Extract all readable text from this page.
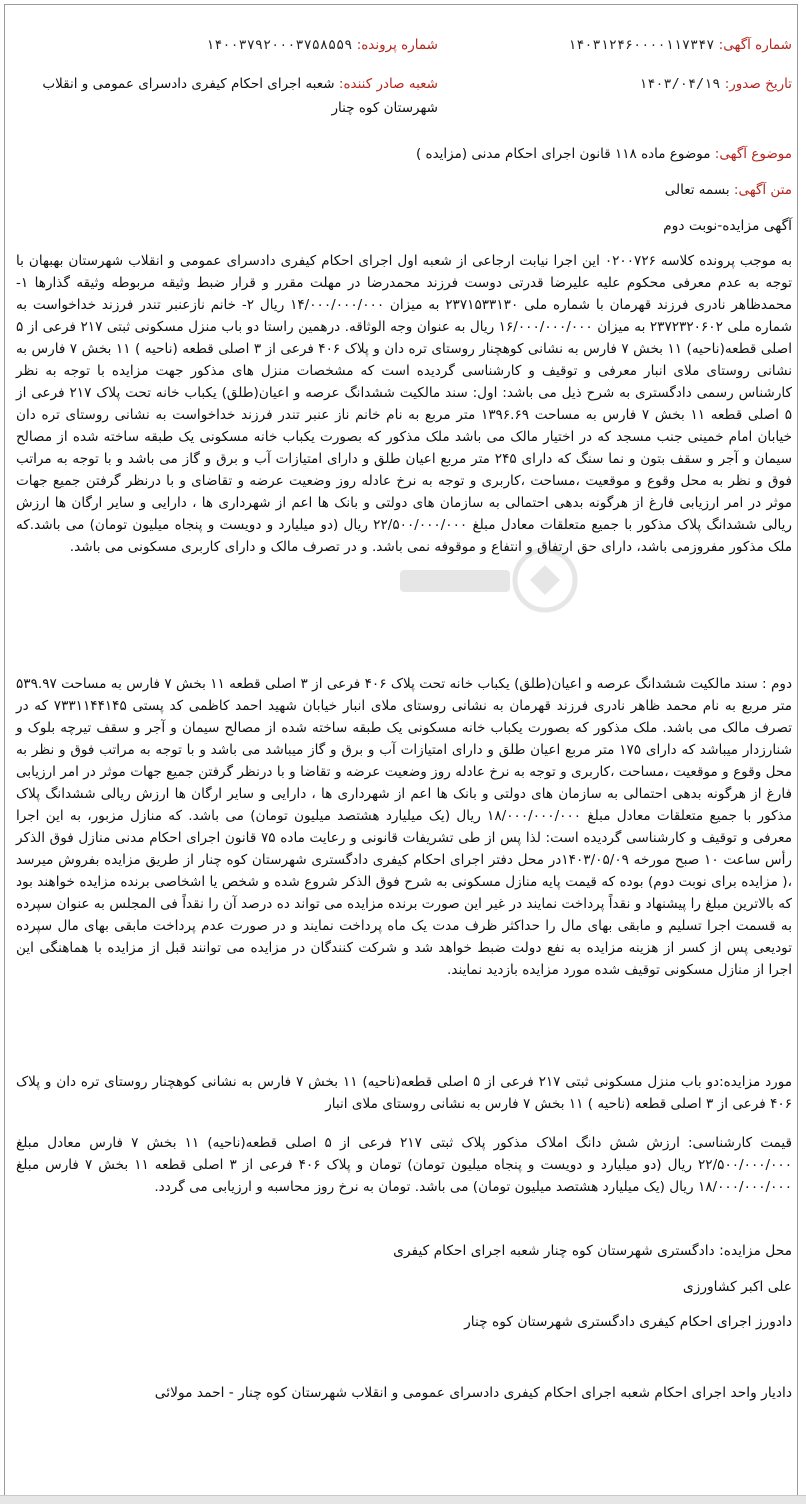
شماره آگهی: ۱۴۰۳۱۲۴۶۰۰۰۰۱۱۷۳۴۷
شماره پرونده: ۱۴۰۰۳۷۹۲۰۰۰۳۷۵۸۵۵۹
تاریخ صدور: ۱۴۰۳/۰۴/۱۹
شعبه صادر کننده: شعبه اجرای احکام کیفری دادسرای عمومی و انقلاب
شهرستان کوه چنار
موضوع آگهی: موضوع ماده ۱۱۸ قانون اجرای احکام مدنی (مزایده )
متن آگهی: بسمه تعالی
آگهی مزایده-نوبت دوم

به موجب پرونده کلاسه ۰۲۰۰۷۲۶ این اجرا نیابت ارجاعی از شعبه اول اجرای احکام کیفری دادسرای عمومی و انقلاب شهرستان بهبهان با توجه به عدم معرفی محکوم علیه علیرضا قدرتی دوست فرزند محمدرضا در مهلت مقرر و قرار ضبط وثیقه مربوطه وثیقه گذارها ۱- محمدظاهر نادری فرزند قهرمان با شماره ملی ۲۳۷۱۵۳۳۱۳۰ به میزان ۱۴/۰۰۰/۰۰۰/۰۰۰ ریال ۲- خانم نازعنبر تندر فرزند خداخواست به شماره ملی ۲۳۷۲۳۲۰۶۰۲ به میزان ۱۶/۰۰۰/۰۰۰/۰۰۰ ریال به عنوان وجه الوثاقه. درهمین راستا دو باب منزل مسکونی ثبتی ۲۱۷ فرعی از ۵ اصلی قطعه(ناحیه) ۱۱ بخش ۷ فارس به نشانی کوهچنار روستای تره دان و پلاک ۴۰۶ فرعی از ۳ اصلی قطعه (ناحیه ) ۱۱ بخش ۷ فارس به نشانی روستای ملای انبار معرفی و توقیف و کارشناسی گردیده است که مشخصات منزل های مذکور جهت مزایده با توجه به نظر کارشناس رسمی دادگستری به شرح ذیل می باشد: اول: سند مالکیت ششدانگ عرصه و اعیان(طلق) یکباب خانه تحت پلاک ۲۱۷ فرعی از ۵ اصلی قطعه ۱۱ بخش ۷ فارس به مساحت ۱۳۹۶.۶۹ متر مربع به نام خانم ناز عنبر تندر فرزند خداخواست به نشانی روستای تره دان خیابان امام خمینی جنب مسجد که در اختیار مالک می باشد ملک مذکور که بصورت یکباب خانه مسکونی یک طبقه ساخته شده از مصالح سیمان و آجر و سقف بتون و نما سنگ که دارای ۲۴۵ متر مربع اعیان طلق و دارای امتیازات آب و برق و گاز می باشد و با توجه به مراتب فوق و نظر به محل وقوع و موقعیت ،مساحت ،کاربری و توجه به نرخ عادله روز وضعیت عرضه و تقاضای و با درنظر گرفتن جمیع جهات موثر در امر ارزیابی فارغ از هرگونه بدهی احتمالی به سازمان های دولتی و بانک ها اعم از شهرداری ها ، دارایی و سایر ارگان ها ارزش ریالی ششدانگ پلاک مذکور با جمیع متعلقات معادل مبلغ ۲۲/۵۰۰/۰۰۰/۰۰۰ ریال (دو میلیارد و دویست و پنجاه میلیون تومان) می باشد.که ملک مذکور مفروزمی باشد، دارای حق ارتفاق و انتفاع و موقوفه نمی باشد. و در تصرف مالک و دارای کاربری مسکونی می باشد.

دوم : سند مالکیت ششدانگ عرصه و اعیان(طلق) یکباب خانه تحت پلاک ۴۰۶ فرعی از ۳ اصلی قطعه ۱۱ بخش ۷ فارس به مساحت ۵۳۹.۹۷ متر مربع به نام محمد ظاهر نادری فرزند قهرمان به نشانی روستای ملای انبار خیابان شهید احمد کاظمی کد پستی ۷۳۳۱۱۴۴۱۴۵ که در تصرف مالک می باشد. ملک مذکور که بصورت یکباب خانه مسکونی یک طبقه ساخته شده از مصالح سیمان و آجر و سقف تیرچه بلوک و شنارزدار میباشد که دارای ۱۷۵ متر مربع اعیان طلق و دارای امتیازات آب و برق و گاز میباشد می باشد و با توجه به مراتب فوق و نظر به محل وقوع و موقعیت ،مساحت ،کاربری و توجه به نرخ عادله روز وضعیت عرضه و تقاضا و با درنظر گرفتن جمیع جهات موثر در امر ارزیابی فارغ از هرگونه بدهی احتمالی به سازمان های دولتی و بانک ها اعم از شهرداری ها ، دارایی و سایر ارگان ها ارزش ریالی ششدانگ پلاک مذکور با جمیع متعلقات معادل مبلغ ۱۸/۰۰۰/۰۰۰/۰۰۰ ریال (یک میلیارد هشتصد میلیون تومان) می باشد. که منازل مزبور، به این اجرا معرفی و توقیف و کارشناسی گردیده است: لذا پس از طی تشریفات قانونی و رعایت ماده ۷۵ قانون اجرای احکام مدنی منازل فوق الذکر رأس ساعت ۱۰ صبح مورخه ۱۴۰۳/۰۵/۰۹در محل دفتر اجرای احکام کیفری دادگستری شهرستان کوه چنار از طریق مزایده بفروش میرسد ،( مزایده برای نوبت دوم) بوده که قیمت پایه منازل مسکونی به شرح فوق الذکر شروع شده و شخص یا اشخاصی برنده مزایده خواهند بود که بالاترین مبلغ را پیشنهاد و نقداً پرداخت نمایند در غیر این صورت برنده مزایده می تواند ده درصد آن را نقداً فی المجلس به عنوان سپرده به قسمت اجرا تسلیم و مابقی بهای مال را حداکثر ظرف مدت یک ماه پرداخت نمایند و در صورت عدم پرداخت مابقی بهای مال سپرده تودیعی پس از کسر از هزینه مزایده به نفع دولت ضبط خواهد شد و شرکت کنندگان در مزایده می توانند قبل از مزایده با هماهنگی این اجرا از منازل مسکونی توقیف شده مورد مزایده بازدید نمایند.

مورد مزایده:دو باب منزل مسکونی ثبتی ۲۱۷ فرعی از ۵ اصلی قطعه(ناحیه) ۱۱ بخش ۷ فارس به نشانی کوهچنار روستای تره دان و پلاک ۴۰۶ فرعی از ۳ اصلی قطعه (ناحیه ) ۱۱ بخش ۷ فارس به نشانی روستای ملای انبار

قیمت کارشناسی: ارزش شش دانگ املاک مذکور پلاک ثبتی ۲۱۷ فرعی از ۵ اصلی قطعه(ناحیه) ۱۱ بخش ۷ فارس معادل مبلغ ۲۲/۵۰۰/۰۰۰/۰۰۰ ریال (دو میلیارد و دویست و پنجاه میلیون تومان) تومان و پلاک ۴۰۶ فرعی از ۳ اصلی قطعه ۱۱ بخش ۷ فارس مبلغ ۱۸/۰۰۰/۰۰۰/۰۰۰ ریال (یک میلیارد هشتصد میلیون تومان) می باشد. تومان به نرخ روز محاسبه و ارزیابی می گردد.

محل مزایده: دادگستری شهرستان کوه چنار شعبه اجرای احکام کیفری
علی اکبر کشاورزی
دادورز اجرای احکام کیفری دادگستری شهرستان کوه چنار
دادیار واحد اجرای احکام شعبه اجرای احکام کیفری دادسرای عمومی و انقلاب شهرستان کوه چنار - احمد مولائی
